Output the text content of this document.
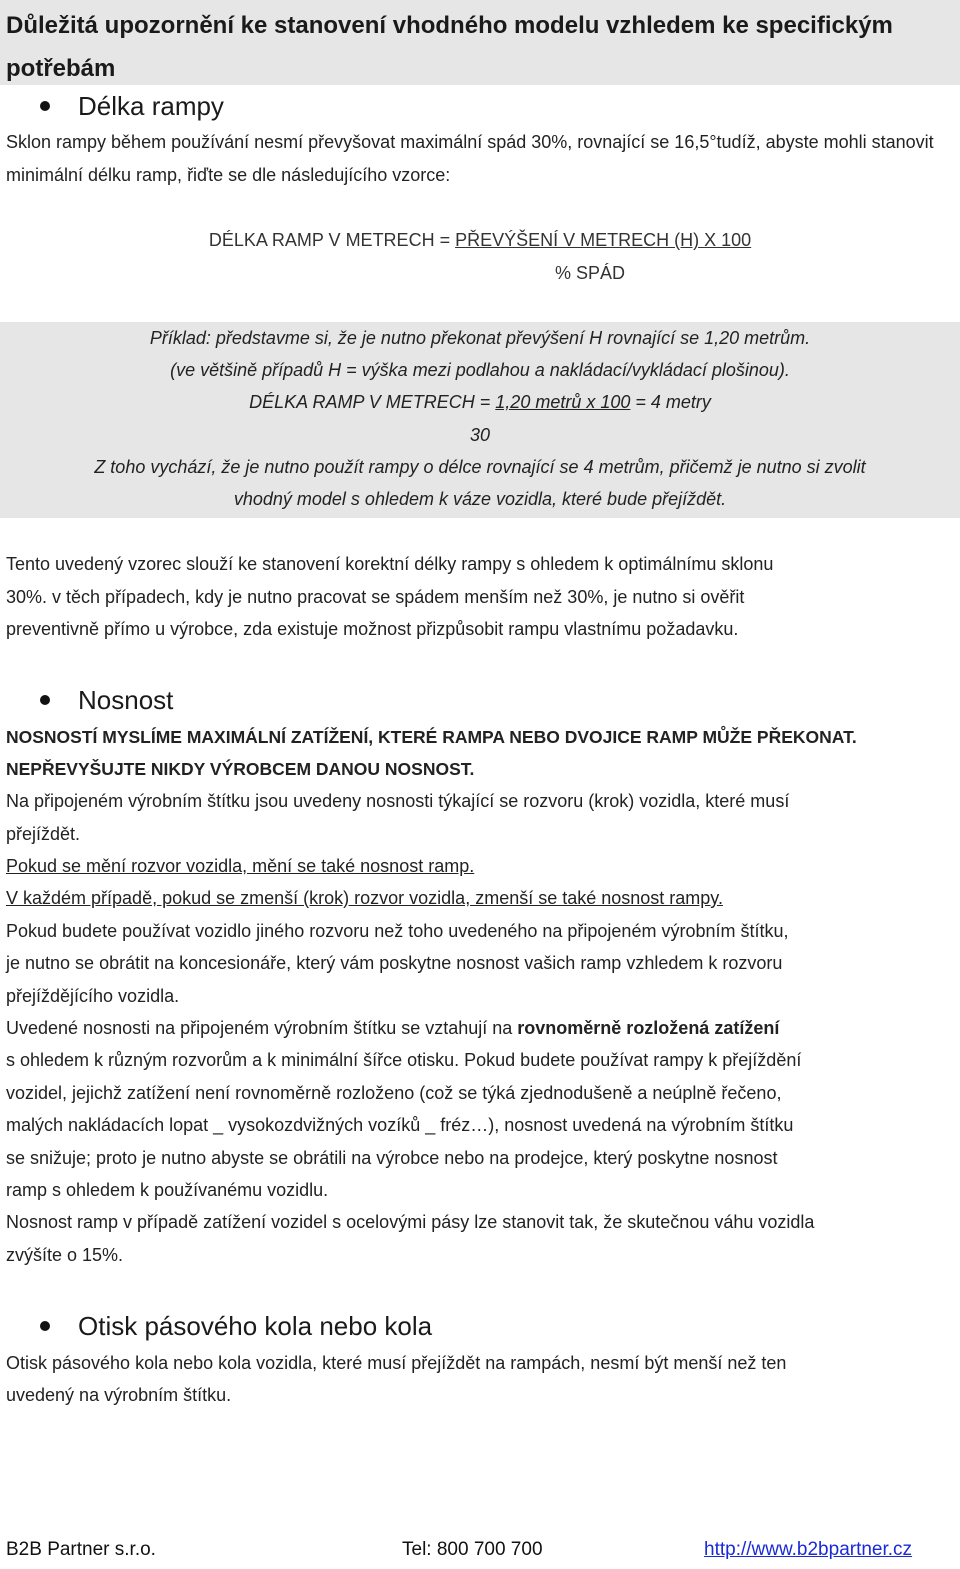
Důležitá upozornění ke stanovení vhodného modelu vzhledem ke specifickým potřebám
Délka rampy
Sklon rampy během používání nesmí převyšovat maximální spád 30%, rovnající se 16,5°tudíž, abyste mohli stanovit minimální délku ramp, řiďte se dle následujícího vzorce:
DÉLKA RAMP V METRECH = PŘEVÝŠENÍ V METRECH (H) X 100
% SPÁD
Příklad: představme si, že je nutno překonat převýšení H rovnající se 1,20 metrům.
(ve většině případů H = výška mezi podlahou a nakládací/vykládací plošinou).
DÉLKA RAMP V METRECH = 1,20 metrů x 100 = 4 metry
30
Z toho vychází, že je nutno použít rampy o délce rovnající se 4 metrům, přičemž je nutno si zvolit
vhodný model s ohledem k váze vozidla, které bude přejíždět.
Tento uvedený vzorec slouží ke stanovení korektní délky rampy s ohledem k optimálnímu sklonu
30%. v těch případech, kdy je nutno pracovat se spádem menším než 30%, je nutno si ověřit
preventivně přímo u výrobce, zda existuje možnost přizpůsobit rampu vlastnímu požadavku.
Nosnost
NOSNOSTÍ MYSLÍME MAXIMÁLNÍ ZATÍŽENÍ, KTERÉ RAMPA NEBO DVOJICE RAMP MŮŽE PŘEKONAT.
NEPŘEVYŠUJTE NIKDY VÝROBCEM DANOU NOSNOST.
Na připojeném výrobním štítku jsou uvedeny nosnosti týkající se rozvoru (krok) vozidla, které musí
přejíždět.
Pokud se mění rozvor vozidla, mění se také nosnost ramp.
V každém případě, pokud se zmenší (krok) rozvor vozidla, zmenší se také nosnost rampy.
Pokud budete používat vozidlo jiného rozvoru než toho uvedeného na připojeném výrobním štítku,
je nutno se obrátit na koncesionáře, který vám poskytne nosnost vašich ramp vzhledem k rozvoru
přejíždějícího vozidla.
Uvedené nosnosti na připojeném výrobním štítku se vztahují na rovnoměrně rozložená zatížení
s ohledem k různým rozvorům a k minimální šířce otisku. Pokud budete používat rampy k přejíždění
vozidel, jejichž zatížení není rovnoměrně rozloženo (což se týká zjednodušeně a neúplně řečeno,
malých nakládacích lopat _ vysokozdvižných vozíků _ fréz…), nosnost uvedená na výrobním štítku
se snižuje; proto je nutno abyste se obrátili na výrobce nebo na prodejce, který poskytne nosnost
ramp s ohledem k používanému vozidlu.
Nosnost ramp v případě zatížení vozidel s ocelovými pásy lze stanovit tak, že skutečnou váhu vozidla
zvýšíte o 15%.
Otisk pásového kola nebo kola
Otisk pásového kola nebo kola vozidla, které musí přejíždět na rampách, nesmí být menší než ten
uvedený na výrobním štítku.
B2B Partner s.r.o.	Tel: 800 700 700	http://www.b2bpartner.cz
